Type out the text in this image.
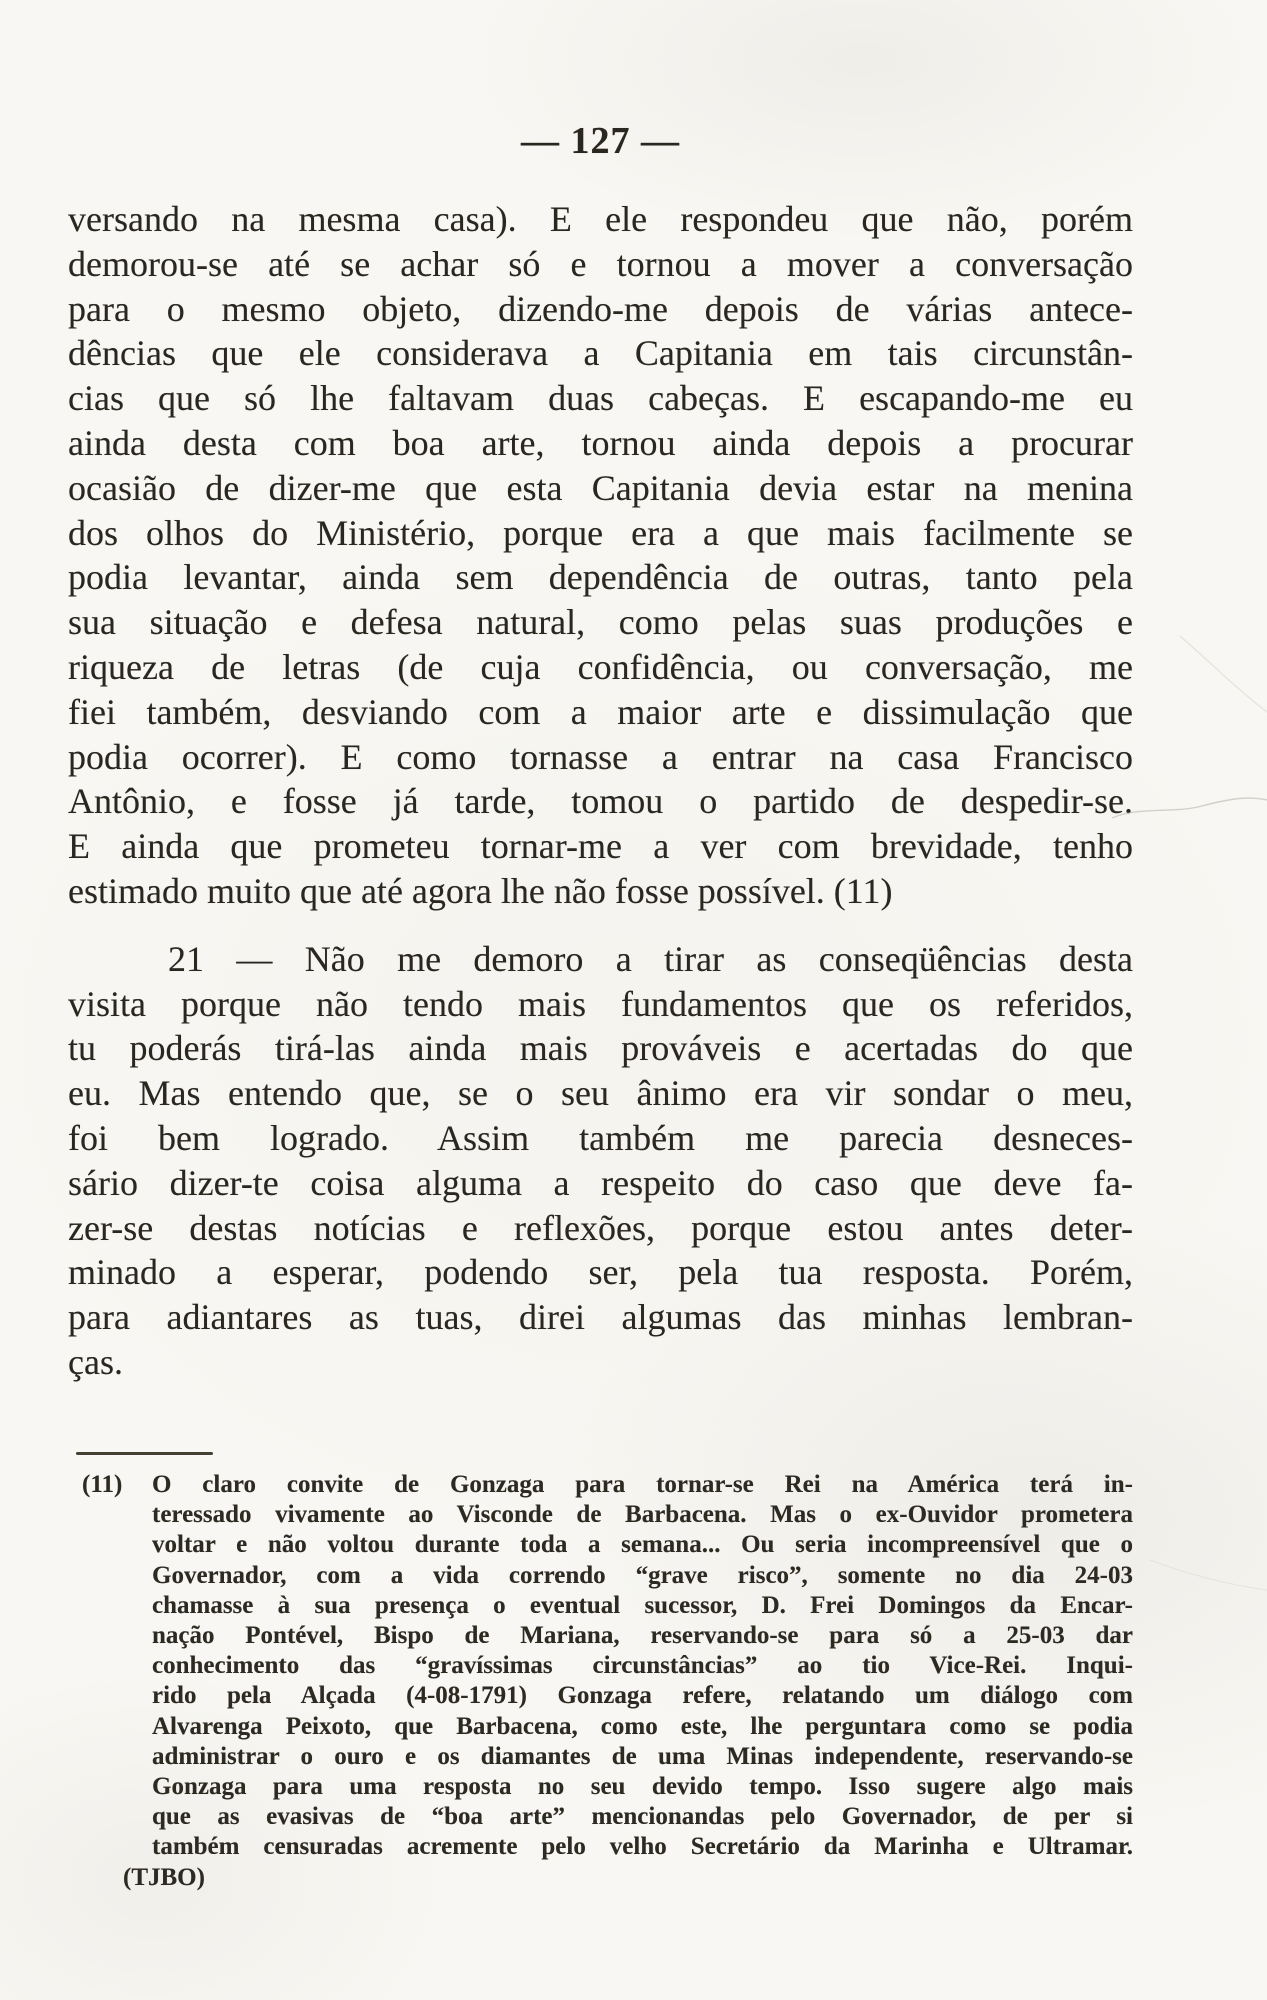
— 127 —
versando na mesma casa). E ele respondeu que não, porém
demorou-se até se achar só e tornou a mover a conversação
para o mesmo objeto, dizendo-me depois de várias antece-
dências que ele considerava a Capitania em tais circunstân-
cias que só lhe faltavam duas cabeças. E escapando-me eu
ainda desta com boa arte, tornou ainda depois a procurar
ocasião de dizer-me que esta Capitania devia estar na menina
dos olhos do Ministério, porque era a que mais facilmente se
podia levantar, ainda sem dependência de outras, tanto pela
sua situação e defesa natural, como pelas suas produções e
riqueza de letras (de cuja confidência, ou conversação, me
fiei também, desviando com a maior arte e dissimulação que
podia ocorrer). E como tornasse a entrar na casa Francisco
Antônio, e fosse já tarde, tomou o partido de despedir-se.
E ainda que prometeu tornar-me a ver com brevidade, tenho
estimado muito que até agora lhe não fosse possível. (11)
21 — Não me demoro a tirar as conseqüências desta
visita porque não tendo mais fundamentos que os referidos,
tu poderás tirá-las ainda mais prováveis e acertadas do que
eu. Mas entendo que, se o seu ânimo era vir sondar o meu,
foi bem logrado. Assim também me parecia desneces-
sário dizer-te coisa alguma a respeito do caso que deve fa-
zer-se destas notícias e reflexões, porque estou antes deter-
minado a esperar, podendo ser, pela tua resposta. Porém,
para adiantares as tuas, direi algumas das minhas lembran-
ças.
(11) O claro convite de Gonzaga para tornar-se Rei na América terá in-
teressado vivamente ao Visconde de Barbacena. Mas o ex-Ouvidor prometera
voltar e não voltou durante toda a semana... Ou seria incompreensível que o
Governador, com a vida correndo “grave risco”, somente no dia 24-03
chamasse à sua presença o eventual sucessor, D. Frei Domingos da Encar-
nação Pontével, Bispo de Mariana, reservando-se para só a 25-03 dar
conhecimento das “gravíssimas circunstâncias” ao tio Vice-Rei. Inqui-
rido pela Alçada (4-08-1791) Gonzaga refere, relatando um diálogo com
Alvarenga Peixoto, que Barbacena, como este, lhe perguntara como se podia
administrar o ouro e os diamantes de uma Minas independente, reservando-se
Gonzaga para uma resposta no seu devido tempo. Isso sugere algo mais
que as evasivas de “boa arte” mencionandas pelo Governador, de per si
também censuradas acremente pelo velho Secretário da Marinha e Ultramar.
(TJBO)
